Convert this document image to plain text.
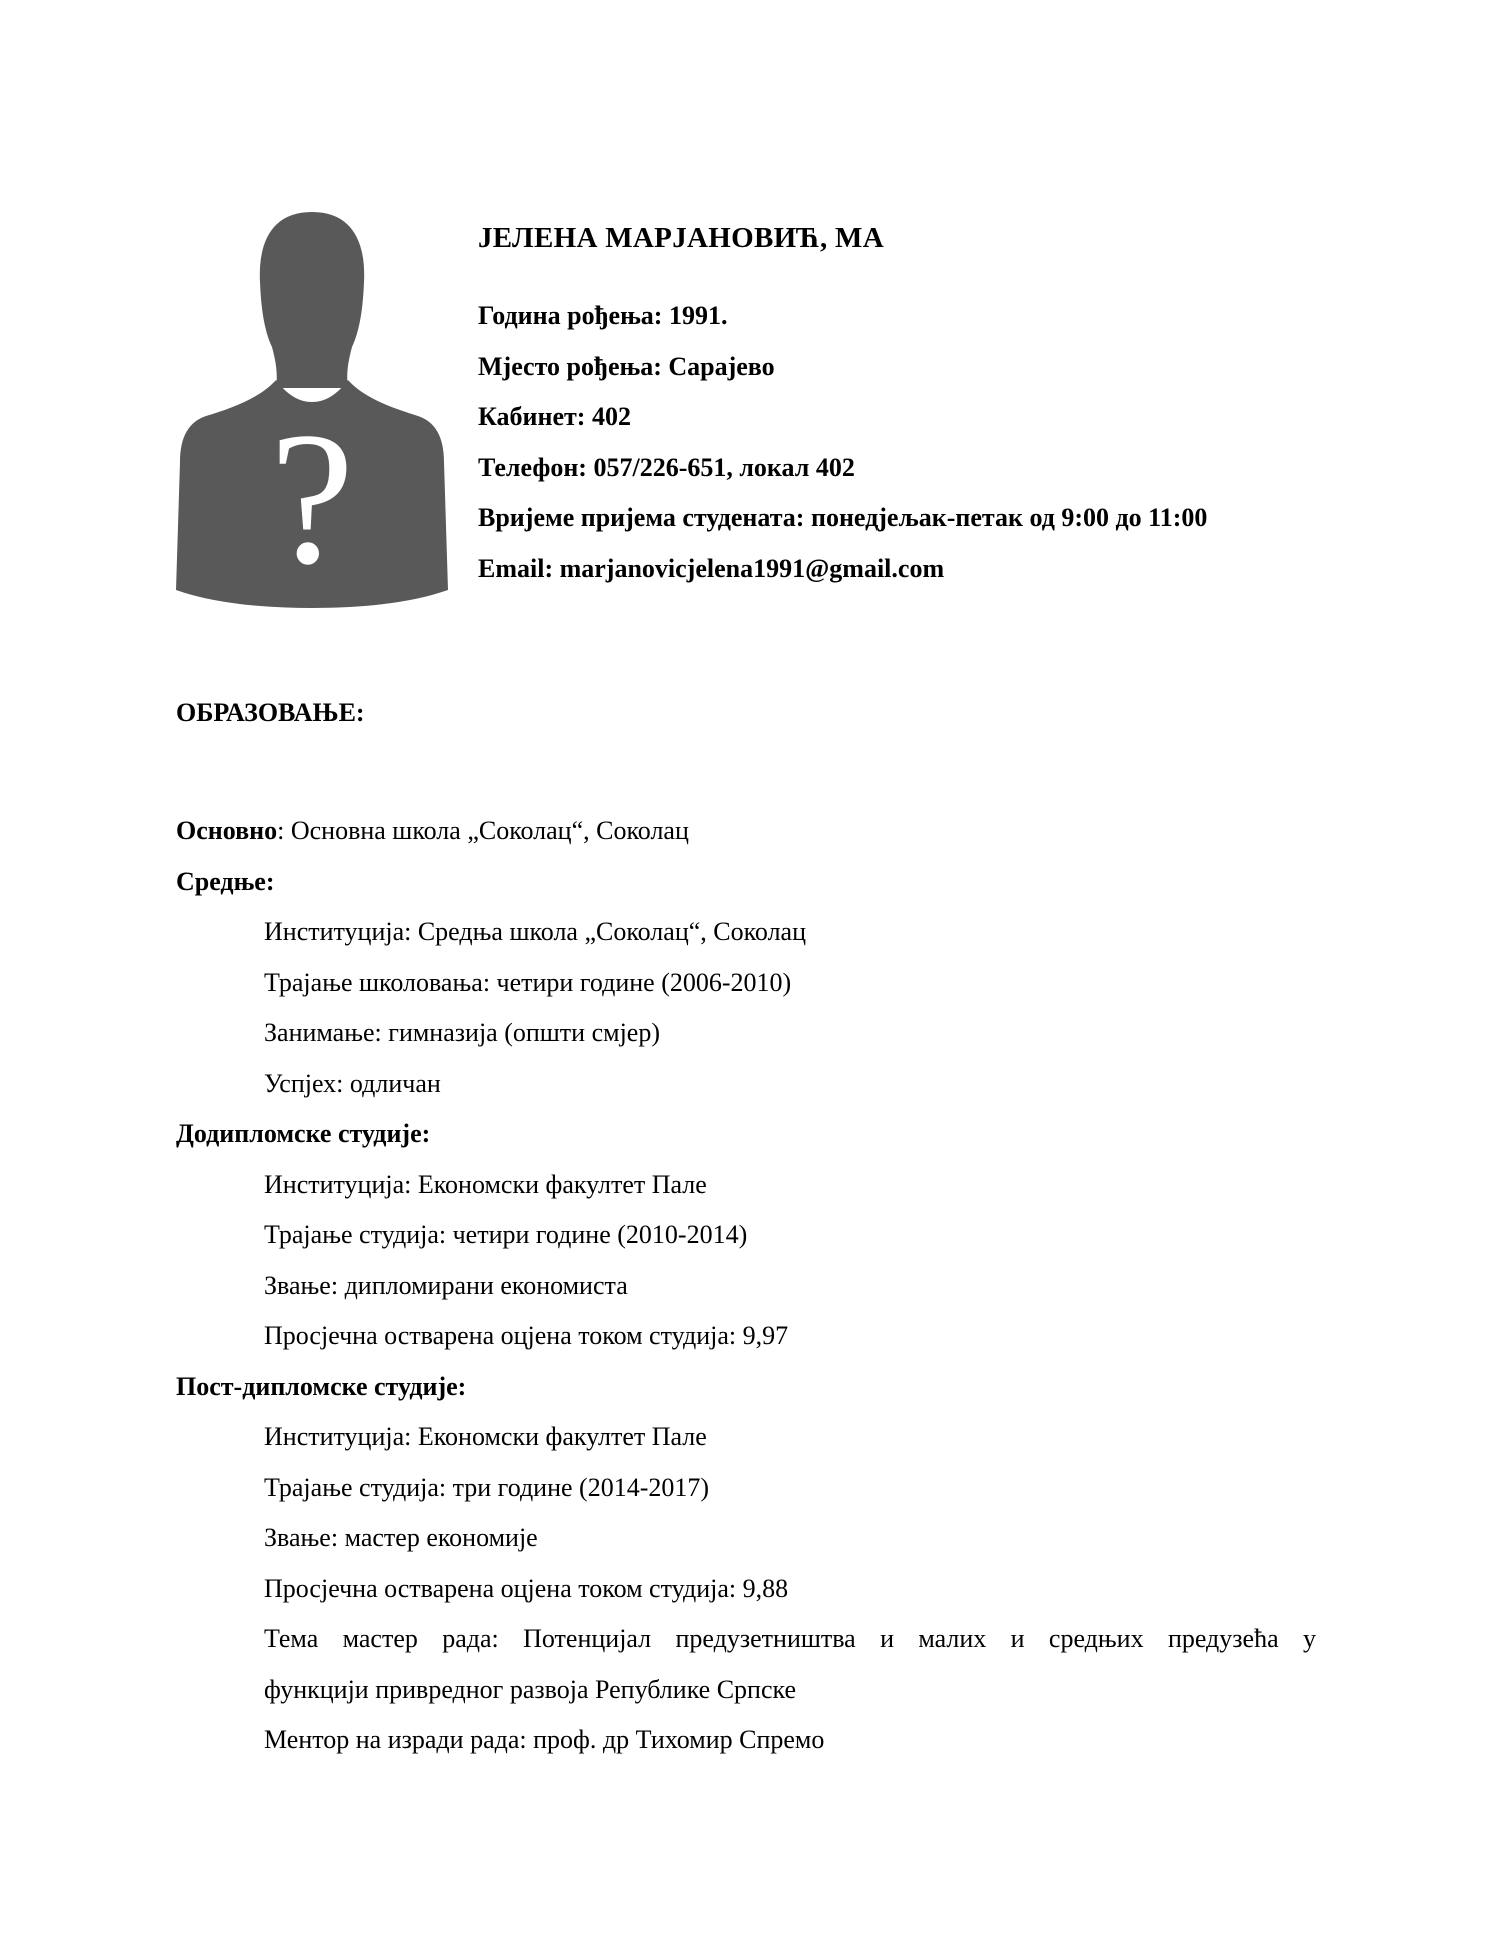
?
ЈЕЛЕНА МАРЈАНОВИЋ, МА
Година рођења: 1991.
Мјесто рођења: Сарајево
Кабинет: 402
Телефон: 057/226-651, локал 402
Вријеме пријема студената: понедјељак-петак од 9:00 до 11:00
Email: marjanovicjelena1991@gmail.com
ОБРАЗОВАЊЕ:
Основно: Основна школа „Соколац“, Соколац
Средње:
Институција: Средња школа „Соколац“, Соколац
Трајање школовања: четири године (2006-2010)
Занимање: гимназија (општи смјер)
Успјех: одличан
Додипломске студије:
Институција: Економски факултет Пале
Трајање студија: четири године (2010-2014)
Звање: дипломирани економиста
Просјечна остварена оцјена током студија: 9,97
Пост-дипломске студије:
Институција: Економски факултет Пале
Трајање студија: три године (2014-2017)
Звање: мастер економије
Просјечна остварена оцјена током студија: 9,88
Тема мастер рада: Потенцијал предузетништва и малих и средњих предузећа у
функцији привредног развоја Републике Српске
Ментор на изради рада: проф. др Тихомир Спремо
